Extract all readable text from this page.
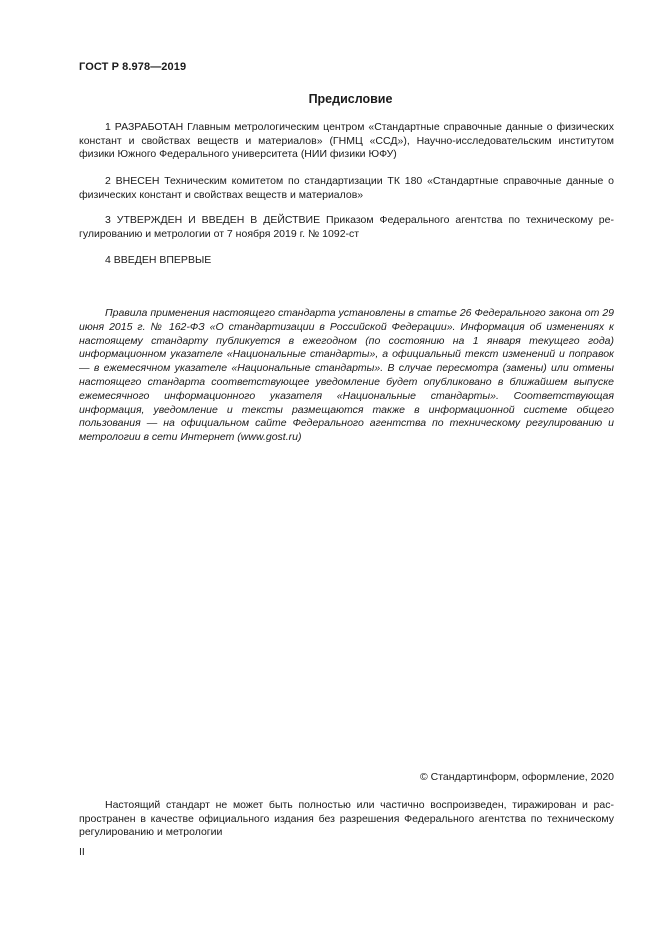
ГОСТ Р 8.978—2019
Предисловие

1 РАЗРАБОТАН Главным метрологическим центром «Стандартные справочные данные о физических констант и свойствах веществ и материалов» (ГНМЦ «ССД»), Научно-исследовательским институтом физики Южного Федерального университета (НИИ физики ЮФУ)

2 ВНЕСЕН Техническим комитетом по стандартизации ТК 180 «Стандартные справочные данные о физических констант и свойствах веществ и материалов»

3 УТВЕРЖДЕН И ВВЕДЕН В ДЕЙСТВИЕ Приказом Федерального агентства по техническому регулированию и метрологии от 7 ноября 2019 г. № 1092-ст

4 ВВЕДЕН ВПЕРВЫЕ

Правила применения настоящего стандарта установлены в статье 26 Федерального закона от 29 июня 2015 г. № 162-ФЗ «О стандартизации в Российской Федерации». Информация об изменениях к настоящему стандарту публикуется в ежегодном (по состоянию на 1 января текущего года) информационном указателе «Национальные стандарты», а официальный текст изменений и поправок — в ежемесячном указателе «Национальные стандарты». В случае пересмотра (замены) или отмены настоящего стандарта соответствующее уведомление будет опубликовано в ближайшем выпуске ежемесячного информационного указателя «Национальные стандарты». Соответствующая информация, уведомление и тексты размещаются также в информационной системе общего пользования — на официальном сайте Федерального агентства по техническому регулированию и метрологии в сети Интернет (www.gost.ru)

© Стандартинформ, оформление, 2020

Настоящий стандарт не может быть полностью или частично воспроизведен, тиражирован и распространен в качестве официального издания без разрешения Федерального агентства по техническому регулированию и метрологии

II
